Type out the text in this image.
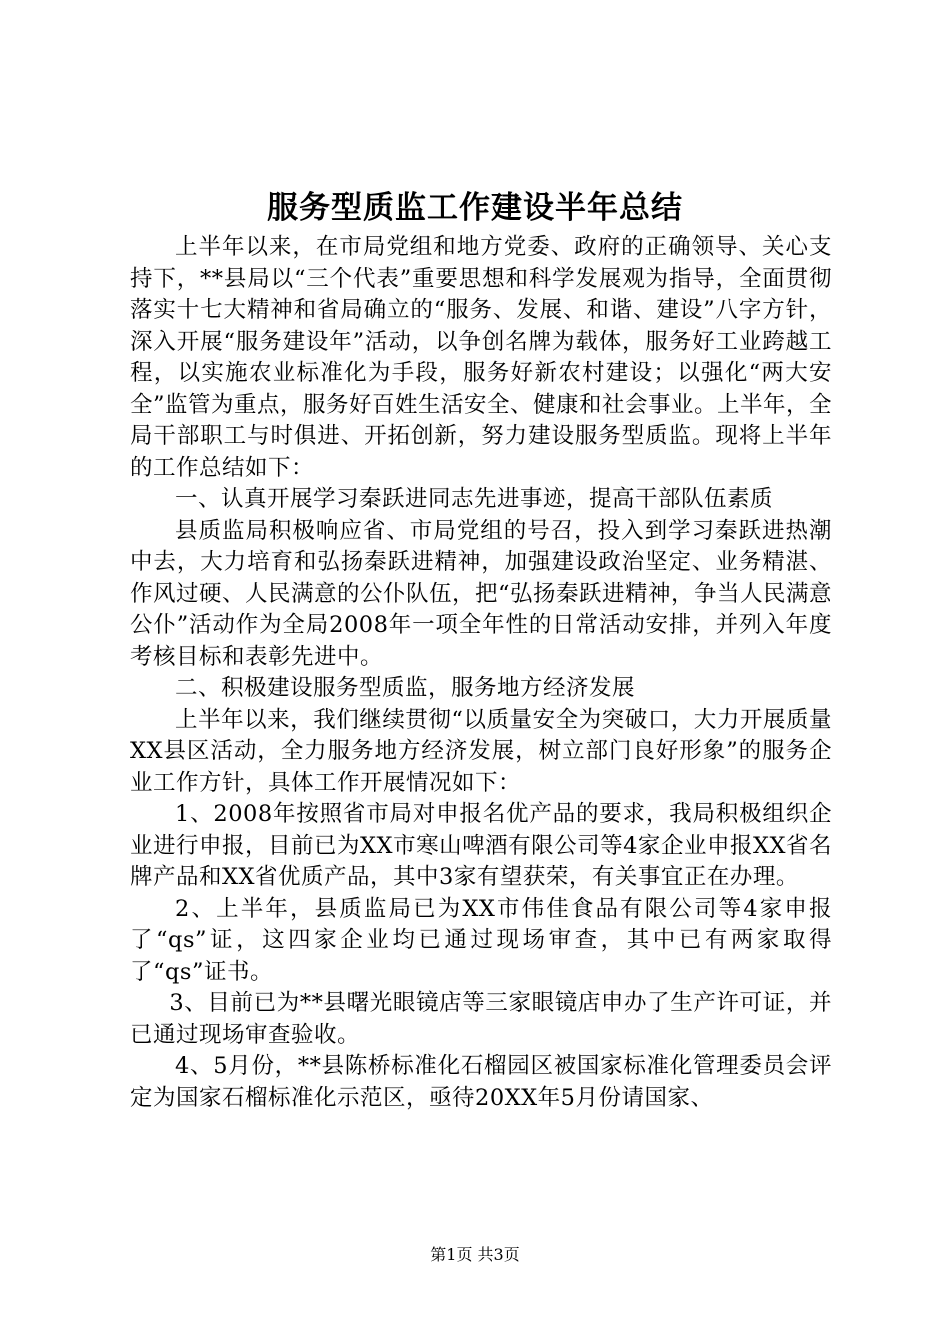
服务型质监工作建设半年总结

上半年以来，在市局党组和地方党委、政府的正确领导、关心支持下，**县局以“三个代表”重要思想和科学发展观为指导，全面贯彻落实十七大精神和省局确立的“服务、发展、和谐、建设”八字方针，深入开展“服务建设年”活动，以争创名牌为载体，服务好工业跨越工程，以实施农业标准化为手段，服务好新农村建设；以强化“两大安全”监管为重点，服务好百姓生活安全、健康和社会事业。上半年，全局干部职工与时俱进、开拓创新，努力建设服务型质监。现将上半年的工作总结如下：

一、认真开展学习秦跃进同志先进事迹，提高干部队伍素质

县质监局积极响应省、市局党组的号召，投入到学习秦跃进热潮中去，大力培育和弘扬秦跃进精神，加强建设政治坚定、业务精湛、作风过硬、人民满意的公仆队伍，把“弘扬秦跃进精神，争当人民满意公仆”活动作为全局2008年一项全年性的日常活动安排，并列入年度考核目标和表彰先进中。

二、积极建设服务型质监，服务地方经济发展

上半年以来，我们继续贯彻“以质量安全为突破口，大力开展质量XX县区活动，全力服务地方经济发展，树立部门良好形象”的服务企业工作方针，具体工作开展情况如下：

1、2008年按照省市局对申报名优产品的要求，我局积极组织企业进行申报，目前已为XX市寒山啤酒有限公司等4家企业申报XX省名牌产品和XX省优质产品，其中3家有望获荣，有关事宜正在办理。

2、上半年，县质监局已为XX市伟佳食品有限公司等4家申报了“qs”证，这四家企业均已通过现场审查，其中已有两家取得了“qs”证书。

3、目前已为**县曙光眼镜店等三家眼镜店申办了生产许可证，并已通过现场审查验收。

4、5月份，**县陈桥标准化石榴园区被国家标准化管理委员会评定为国家石榴标准化示范区，亟待20XX年5月份请国家、

第1页 共3页
